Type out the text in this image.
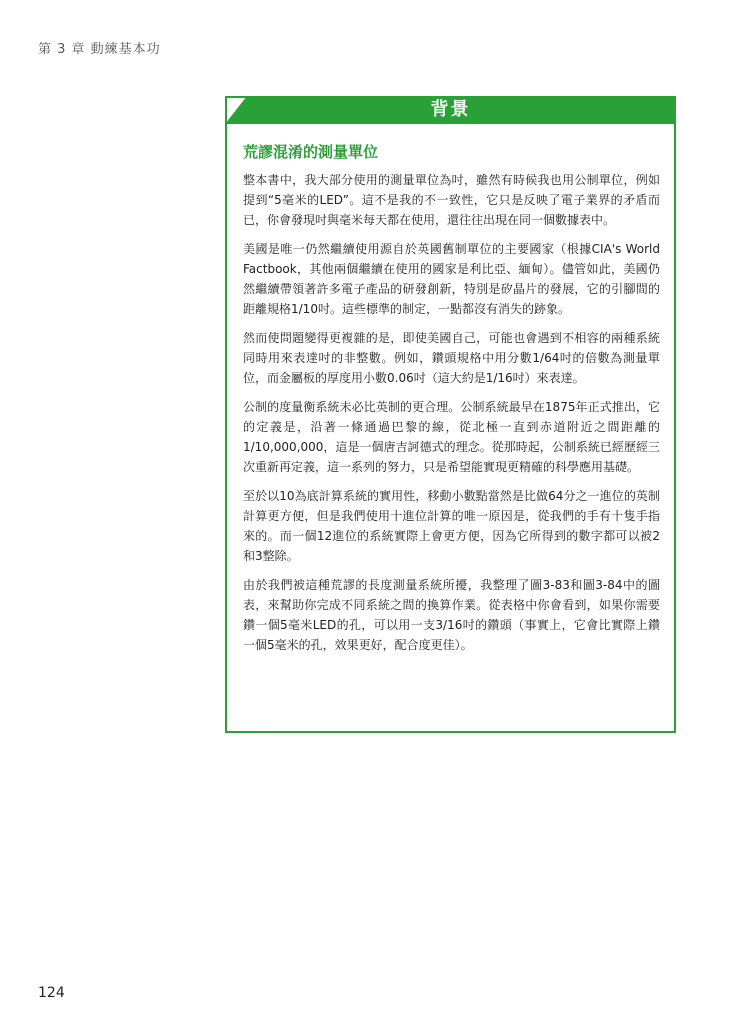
第 3 章 動練基本功
背景
荒謬混淆的測量單位

整本書中，我大部分使用的測量單位為吋，雖然有時候我也用公制單位，例如提到“5毫米的LED”。這不是我的不一致性，它只是反映了電子業界的矛盾而已，你會發現吋與毫米每天都在使用，還往往出現在同一個數據表中。

美國是唯一仍然繼續使用源自於英國舊制單位的主要國家（根據CIA's World Factbook，其他兩個繼續在使用的國家是利比亞、緬甸）。儘管如此，美國仍然繼續帶領著許多電子產品的研發創新，特別是矽晶片的發展，它的引腳間的距離規格1/10吋。這些標準的制定，一點都沒有消失的跡象。

然而使問題變得更複雜的是，即使美國自己，可能也會遇到不相容的兩種系統同時用來表達吋的非整數。例如，鑽頭規格中用分數1/64吋的倍數為測量單位，而金屬板的厚度用小數0.06吋（這大約是1/16吋）來表達。

公制的度量衡系統未必比英制的更合理。公制系統最早在1875年正式推出，它的定義是，沿著一條通過巴黎的線，從北極一直到赤道附近之間距離的1/10,000,000，這是一個唐吉訶德式的理念。從那時起，公制系統已經歷經三次重新再定義，這一系列的努力，只是希望能實現更精確的科學應用基礎。

至於以10為底計算系統的實用性，移動小數點當然是比做64分之一進位的英制計算更方便，但是我們使用十進位計算的唯一原因是，從我們的手有十隻手指來的。而一個12進位的系統實際上會更方便，因為它所得到的數字都可以被2和3整除。

由於我們被這種荒謬的長度測量系統所擾，我整理了圖3-83和圖3-84中的圖表，來幫助你完成不同系統之間的換算作業。從表格中你會看到，如果你需要鑽一個5毫米LED的孔，可以用一支3/16吋的鑽頭（事實上，它會比實際上鑽一個5毫米的孔，效果更好，配合度更佳）。

124
